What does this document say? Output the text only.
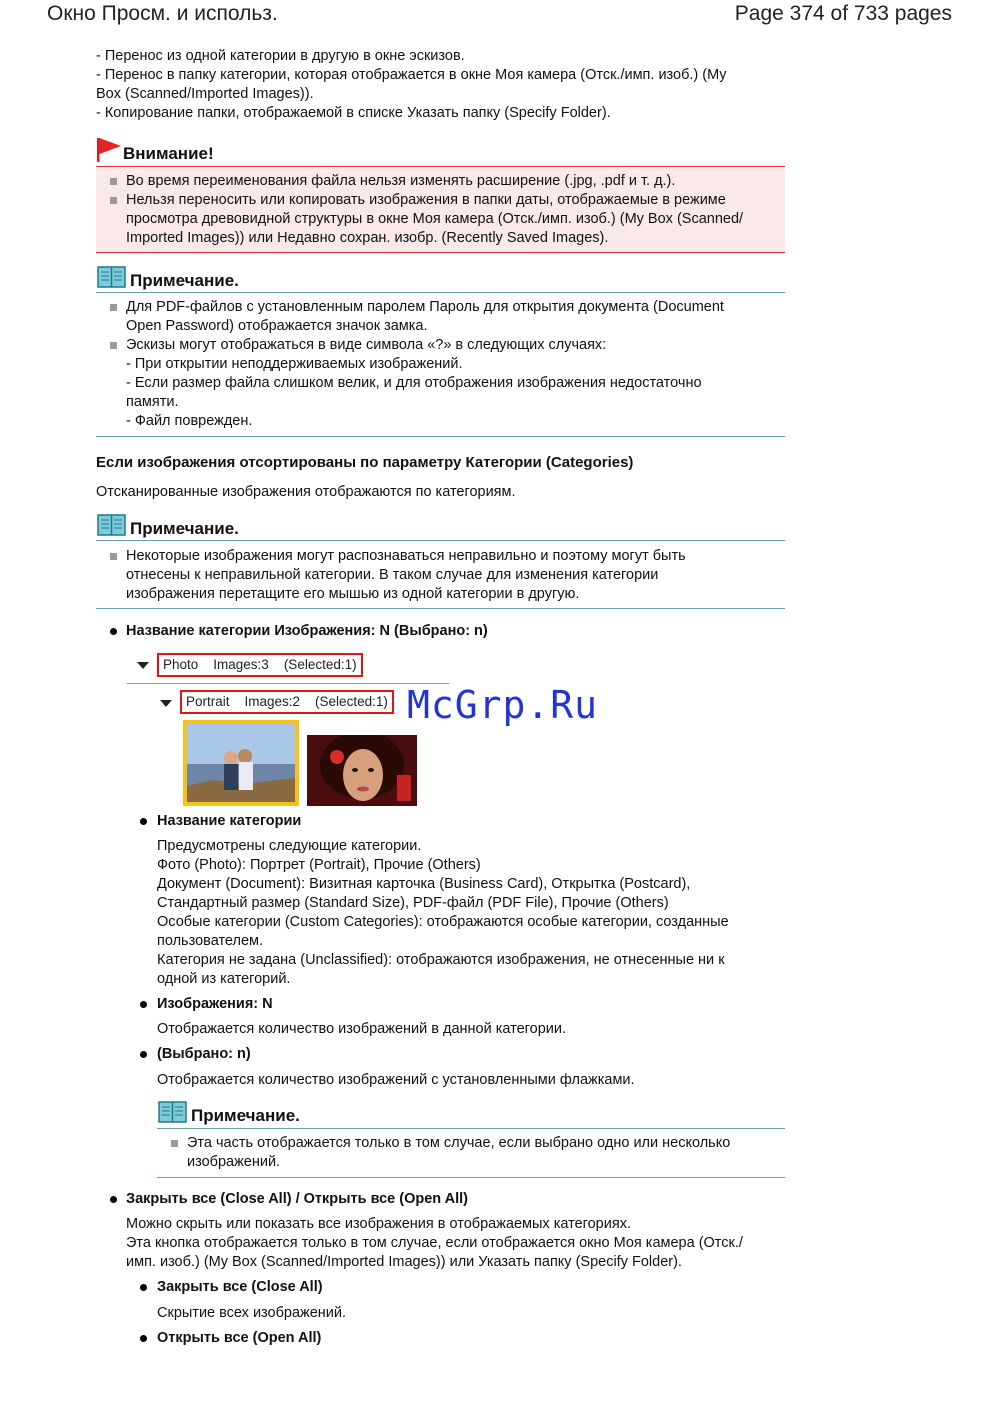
Окно Просм. и использ.	Page 374 of 733 pages
- Перенос из одной категории в другую в окне эскизов.
- Перенос в папку категории, которая отображается в окне Моя камера (Отск./имп. изоб.) (My
Box (Scanned/Imported Images)).
- Копирование папки, отображаемой в списке Указать папку (Specify Folder).
Внимание!
Во время переименования файла нельзя изменять расширение (.jpg, .pdf и т. д.).
Нельзя переносить или копировать изображения в папки даты, отображаемые в режиме
просмотра древовидной структуры в окне Моя камера (Отск./имп. изоб.) (My Box (Scanned/
Imported Images)) или Недавно сохран. изобр. (Recently Saved Images).
Примечание.
Для PDF-файлов с установленным паролем Пароль для открытия документа (Document
Open Password) отображается значок замка.
Эскизы могут отображаться в виде символа «?» в следующих случаях:
- При открытии неподдерживаемых изображений.
- Если размер файла слишком велик, и для отображения изображения недостаточно
памяти.
- Файл поврежден.
Если изображения отсортированы по параметру Категории (Categories)
Отсканированные изображения отображаются по категориям.
Примечание.
Некоторые изображения могут распознаваться неправильно и поэтому могут быть
отнесены к неправильной категории. В таком случае для изменения категории
изображения перетащите его мышью из одной категории в другую.
Название категории Изображения: N (Выбрано: n)
Photo    Images:3    (Selected:1)
Portrait    Images:2    (Selected:1) McGrp.Ru
Название категории
Предусмотрены следующие категории.
Фото (Photo): Портрет (Portrait), Прочие (Others)
Документ (Document): Визитная карточка (Business Card), Открытка (Postcard),
Стандартный размер (Standard Size), PDF-файл (PDF File), Прочие (Others)
Особые категории (Custom Categories): отображаются особые категории, созданные
пользователем.
Категория не задана (Unclassified): отображаются изображения, не отнесенные ни к
одной из категорий.
Изображения: N
Отображается количество изображений в данной категории.
(Выбрано: n)
Отображается количество изображений с установленными флажками.
Примечание.
Эта часть отображается только в том случае, если выбрано одно или несколько
изображений.
Закрыть все (Close All) / Открыть все (Open All)
Можно скрыть или показать все изображения в отображаемых категориях.
Эта кнопка отображается только в том случае, если отображается окно Моя камера (Отск./
имп. изоб.) (My Box (Scanned/Imported Images)) или Указать папку (Specify Folder).
Закрыть все (Close All)
Скрытие всех изображений.
Открыть все (Open All)
